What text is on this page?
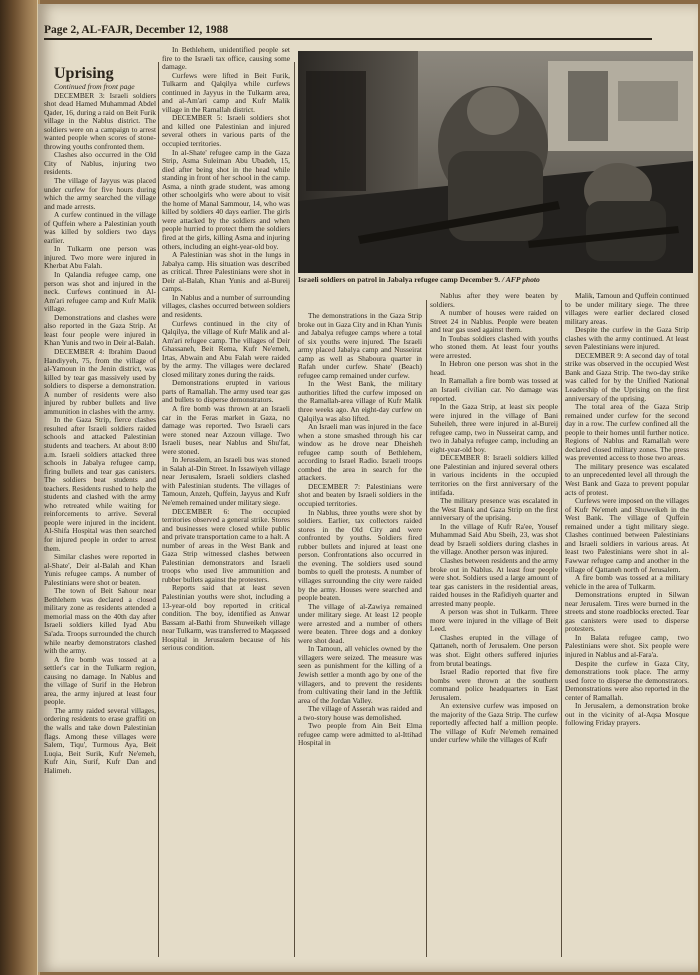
Page 2, AL-FAJR, December 12, 1988

Uprising

Continued from front page

DECEMBER 3: Israeli soldiers shot dead Hamed Muhammad Abdel Qader, 16, during a raid on Beit Furik village in the Nablus district. The soldiers were on a campaign to arrest wanted people when scores of stone-throwing youths confronted them.

Clashes also occurred in the Old City of Nablus, injuring two residents.

The village of Jayyus was placed under curfew for five hours during which the army searched the village and made arrests.

A curfew continued in the village of Quffein where a Palestinian youth was killed by soldiers two days earlier.

In Tulkarm one person was injured. Two more were injured in Kherbat Abu Falah.

In Qalandia refugee camp, one person was shot and injured in the neck. Curfews continued in Al-Am'ari refugee camp and Kufr Malik village.

Demonstrations and clashes were also reported in the Gaza Strip. At least four people were injured in Khan Yunis and two in Deir al-Balah.

DECEMBER 4: Ibrahim Daoud Handiyyeh, 75, from the village of al-Yamoun in the Jenin district, was killed by tear gas massively used by soldiers to disperse a demonstration. A number of residents were also injured by rubber bullets and live ammunition in clashes with the army.

In the Gaza Strip, fierce clashes resulted after Israeli soldiers raided schools and attacked Palestinian students and teachers. At about 8:00 a.m. Israeli soldiers attacked three schools in Jabalya refugee camp, firing bullets and tear gas canisters. The soldiers beat students and teachers. Residents rushed to help the students and clashed with the army who retreated while waiting for reinforcements to arrive. Several people were injured in the incident. Al-Shifa Hospital was then searched for injured people in order to arrest them.

Similar clashes were reported in al-Shate', Deir al-Balah and Khan Yunis refugee camps. A number of Palestinians were shot or beaten.

The town of Beit Sahour near Bethlehem was declared a closed military zone as residents attended a memorial mass on the 40th day after Israeli soldiers killed Iyad Abu Sa'ada. Troops surrounded the church while nearby demonstrators clashed with the army.

A fire bomb was tossed at a settler's car in the Tulkarm region, causing no damage. In Nablus and the village of Surif in the Hebron area, the army injured at least four people.

The army raided several villages, ordering residents to erase graffiti on the walls and take down Palestinian flags. Among these villages were Salem, Tiqu', Turmous Aya, Beit Luqia, Beit Surik, Kufr Ne'emeh, Kufr Ain, Surif, Kufr Dan and Halimeh.

In Bethlehem, unidentified people set fire to the Israeli tax office, causing some damage.

Curfews were lifted in Beit Furik, Tulkarm and Qalqilya while curfews continued in Jayyus in the Tulkarm area, and al-Am'ari camp and Kufr Malik village in the Ramallah district.

DECEMBER 5: Israeli soldiers shot and killed one Palestinian and injured several others in various parts of the occupied territories.

In al-Shate' refugee camp in the Gaza Strip, Asma Suleiman Abu Ubadeh, 15, died after being shot in the head while standing in front of her school in the camp. Asma, a ninth grade student, was among other schoolgirls who were about to visit the home of Manal Sammour, 14, who was killed by soldiers 40 days earlier. The girls were attacked by the soldiers and when people hurried to protect them the soldiers fired at the girls, killing Asma and injuring others, including an eight-year-old boy.

A Palestinian was shot in the lungs in Jabalya camp. His situation was described as critical. Three Palestinians were shot in Deir al-Balah, Khan Yunis and al-Bureij camps.

In Nablus and a number of surrounding villages, clashes occurred between soldiers and residents.

Curfews continued in the city of Qalqilya, the village of Kufr Malik and al-Am'ari refugee camp. The villages of Deir Ghassaneh, Beit Rema, Kufr Ne'emeh, Irtas, Abwain and Abu Falah were raided by the army. The villages were declared closed military zones during the raids.

Demonstrations erupted in various parts of Ramallah. The army used tear gas and bullets to disperse demonstrators.

A fire bomb was thrown at an Israeli car in the Feras market in Gaza, no damage was reported. Two Israeli cars were stoned near Azzoun village. Two Israeli buses, near Nablus and Shu'fat, were stoned.

In Jerusalem, an Israeli bus was stoned in Salah al-Din Street. In Issawiyeh village near Jerusalem, Israeli soldiers clashed with Palestinian students. The villages of Tamoun, Anzeh, Quffein, Jayyus and Kufr Ne'emeh remained under military siege.

DECEMBER 6: The occupied territories observed a general strike. Stores and businesses were closed while public and private transportation came to a halt. A number of areas in the West Bank and Gaza Strip witnessed clashes between Palestinian demonstrators and Israeli troops who used live ammunition and rubber bullets against the protesters.

Reports said that at least seven Palestinian youths were shot, including a 13-year-old boy reported in critical condition. The boy, identified as Anwar Bassam al-Bathi from Shuweikeh village near Tulkarm, was transferred to Maqassed Hospital in Jerusalem because of his serious condition.

Israeli soldiers on patrol in Jabalya refugee camp December 9. / AFP photo

The demonstrations in the Gaza Strip broke out in Gaza City and in Khan Yunis and Jabalya refugee camps where a total of six youths were injured. The Israeli army placed Jabalya camp and Nusseirat camp as well as Shaboura quarter in Rafah under curfew. Shate' (Beach) refugee camp remained under curfew.

In the West Bank, the military authorities lifted the curfew imposed on the Ramallah-area village of Kufr Malik three weeks ago. An eight-day curfew on Qalqilya was also lifted.

An Israeli man was injured in the face when a stone smashed through his car window as he drove near Dheisheh refugee camp south of Bethlehem, according to Israel Radio. Israeli troops combed the area in search for the attackers.

DECEMBER 7: Palestinians were shot and beaten by Israeli soldiers in the occupied territories.

In Nablus, three youths were shot by soldiers. Earlier, tax collectors raided stores in the Old City and were confronted by youths. Soldiers fired rubber bullets and injured at least one person. Confrontations also occurred in the evening. The soldiers used sound bombs to quell the protests. A number of villages surrounding the city were raided by the army. Houses were searched and people beaten.

The village of al-Zawiya remained under military siege. At least 12 people were arrested and a number of others were beaten. Three dogs and a donkey were shot dead.

In Tamoun, all vehicles owned by the villagers were seized. The measure was seen as punishment for the killing of a Jewish settler a month ago by one of the villagers, and to prevent the residents from cultivating their land in the Jeftlik area of the Jordan Valley.

The village of Asserah was raided and a two-story house was demolished.

Two people from Ain Beit Elma refugee camp were admitted to al-Ittihad Hospital in

Nablus after they were beaten by soldiers.

A number of houses were raided on Street 24 in Nablus. People were beaten and tear gas used against them.

In Toubas soldiers clashed with youths who stoned them. At least four youths were arrested.

In Hebron one person was shot in the head.

In Ramallah a fire bomb was tossed at an Israeli civilian car. No damage was reported.

In the Gaza Strip, at least six people were injured in the village of Bani Suheileh, three were injured in al-Bureij refugee camp, two in Nusseirat camp, and two in Jabalya refugee camp, including an eight-year-old boy.

DECEMBER 8: Israeli soldiers killed one Palestinian and injured several others in various incidents in the occupied territories on the first anniversary of the intifada.

The military presence was escalated in the West Bank and Gaza Strip on the first anniversary of the uprising.

In the village of Kufr Ra'ee, Yousef Muhammad Said Abu Sbeih, 23, was shot dead by Israeli soldiers during clashes in the village. Another person was injured.

Clashes between residents and the army broke out in Nablus. At least four people were shot. Soldiers used a large amount of tear gas canisters in the residential areas, raided houses in the Rafidiyeh quarter and arrested many people.

A person was shot in Tulkarm. Three more were injured in the village of Beit Leed.

Clashes erupted in the village of Qattaneh, north of Jerusalem. One person was shot. Eight others suffered injuries from brutal beatings.

Israel Radio reported that five fire bombs were thrown at the southern command police headquarters in East Jerusalem.

An extensive curfew was imposed on the majority of the Gaza Strip. The curfew reportedly affected half a million people. The village of Kufr Ne'emeh remained under curfew while the villages of Kufr

Malik, Tamoun and Quffein continued to be under military siege. The three villages were earlier declared closed military areas.

Despite the curfew in the Gaza Strip clashes with the army continued. At least seven Palestinians were injured.

DECEMBER 9: A second day of total strike was observed in the occupied West Bank and Gaza Strip. The two-day strike was called for by the Unified National Leadership of the Uprising on the first anniversary of the uprising.

The total area of the Gaza Strip remained under curfew for the second day in a row. The curfew confined all the people to their homes until further notice. Regions of Nablus and Ramallah were declared closed military zones. The press was prevented access to those two areas.

The military presence was escalated to an unprecedented level all through the West Bank and Gaza to prevent popular acts of protest.

Curfews were imposed on the villages of Kufr Ne'emeh and Shuweikeh in the West Bank. The village of Quffein remained under a tight military siege. Clashes continued between Palestinians and Israeli soldiers in various areas. At least two Palestinians were shot in al-Fawwar refugee camp and another in the village of Qattaneh north of Jerusalem.

A fire bomb was tossed at a military vehicle in the area of Tulkarm.

Demonstrations erupted in Silwan near Jerusalem. Tires were burned in the streets and stone roadblocks erected. Tear gas canisters were used to disperse protesters.

In Balata refugee camp, two Palestinians were shot. Six people were injured in Nablus and al-Fara'a.

Despite the curfew in Gaza City, demonstrations took place. The army used force to disperse the demonstrators. Demonstrations were also reported in the center of Ramallah.

In Jerusalem, a demonstration broke out in the vicinity of al-Aqsa Mosque following Friday prayers.
